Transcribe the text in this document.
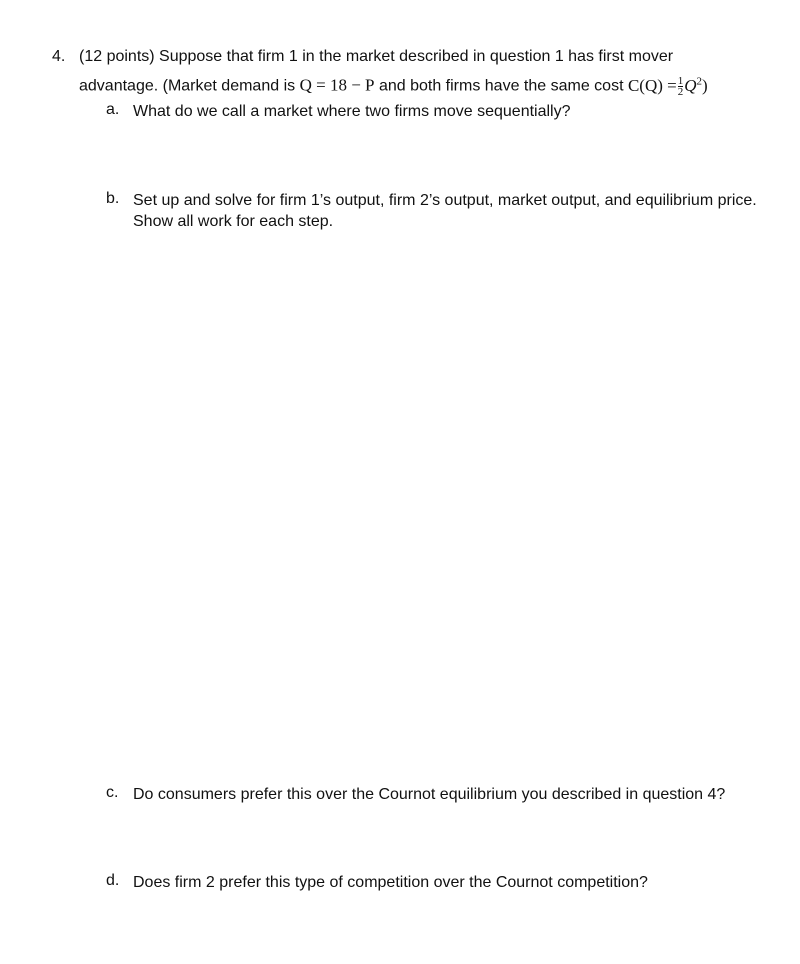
4. (12 points) Suppose that firm 1 in the market described in question 1 has first mover
advantage. (Market demand is Q = 18 − P and both firms have the same cost $C(Q) = \frac{1}{2} Q^2$)
a. What do we call a market where two firms move sequentially?
b. Set up and solve for firm 1’s output, firm 2’s output, market output, and equilibrium price. Show all work for each step.
c. Do consumers prefer this over the Cournot equilibrium you described in question 4?
d. Does firm 2 prefer this type of competition over the Cournot competition?
